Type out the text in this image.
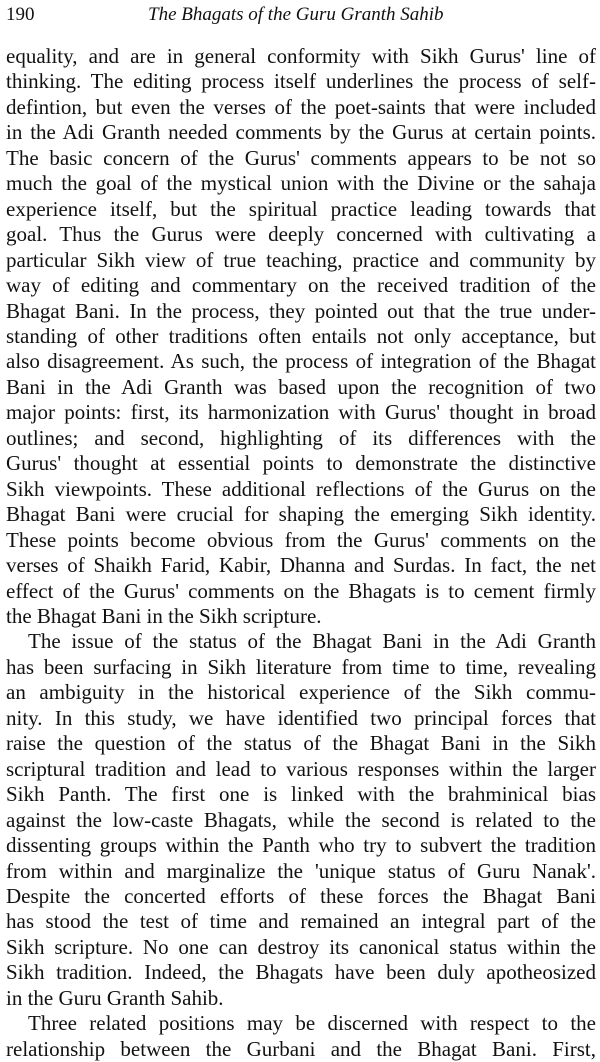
190	The Bhagats of the Guru Granth Sahib
equality, and are in general conformity with Sikh Gurus' line of
thinking. The editing process itself underlines the process of self-
defintion, but even the verses of the poet-saints that were included
in the Adi Granth needed comments by the Gurus at certain points.
The basic concern of the Gurus' comments appears to be not so
much the goal of the mystical union with the Divine or the sahaja
experience itself, but the spiritual practice leading towards that
goal. Thus the Gurus were deeply concerned with cultivating a
particular Sikh view of true teaching, practice and community by
way of editing and commentary on the received tradition of the
Bhagat Bani. In the process, they pointed out that the true under-
standing of other traditions often entails not only acceptance, but
also disagreement. As such, the process of integration of the Bhagat
Bani in the Adi Granth was based upon the recognition of two
major points: first, its harmonization with Gurus' thought in broad
outlines; and second, highlighting of its differences with the
Gurus' thought at essential points to demonstrate the distinctive
Sikh viewpoints. These additional reflections of the Gurus on the
Bhagat Bani were crucial for shaping the emerging Sikh identity.
These points become obvious from the Gurus' comments on the
verses of Shaikh Farid, Kabir, Dhanna and Surdas. In fact, the net
effect of the Gurus' comments on the Bhagats is to cement firmly
the Bhagat Bani in the Sikh scripture.
The issue of the status of the Bhagat Bani in the Adi Granth
has been surfacing in Sikh literature from time to time, revealing
an ambiguity in the historical experience of the Sikh commu-
nity. In this study, we have identified two principal forces that
raise the question of the status of the Bhagat Bani in the Sikh
scriptural tradition and lead to various responses within the larger
Sikh Panth. The first one is linked with the brahminical bias
against the low-caste Bhagats, while the second is related to the
dissenting groups within the Panth who try to subvert the tradition
from within and marginalize the 'unique status of Guru Nanak'.
Despite the concerted efforts of these forces the Bhagat Bani
has stood the test of time and remained an integral part of the
Sikh scripture. No one can destroy its canonical status within the
Sikh tradition. Indeed, the Bhagats have been duly apotheosized
in the Guru Granth Sahib.
Three related positions may be discerned with respect to the
relationship between the Gurbani and the Bhagat Bani. First,
